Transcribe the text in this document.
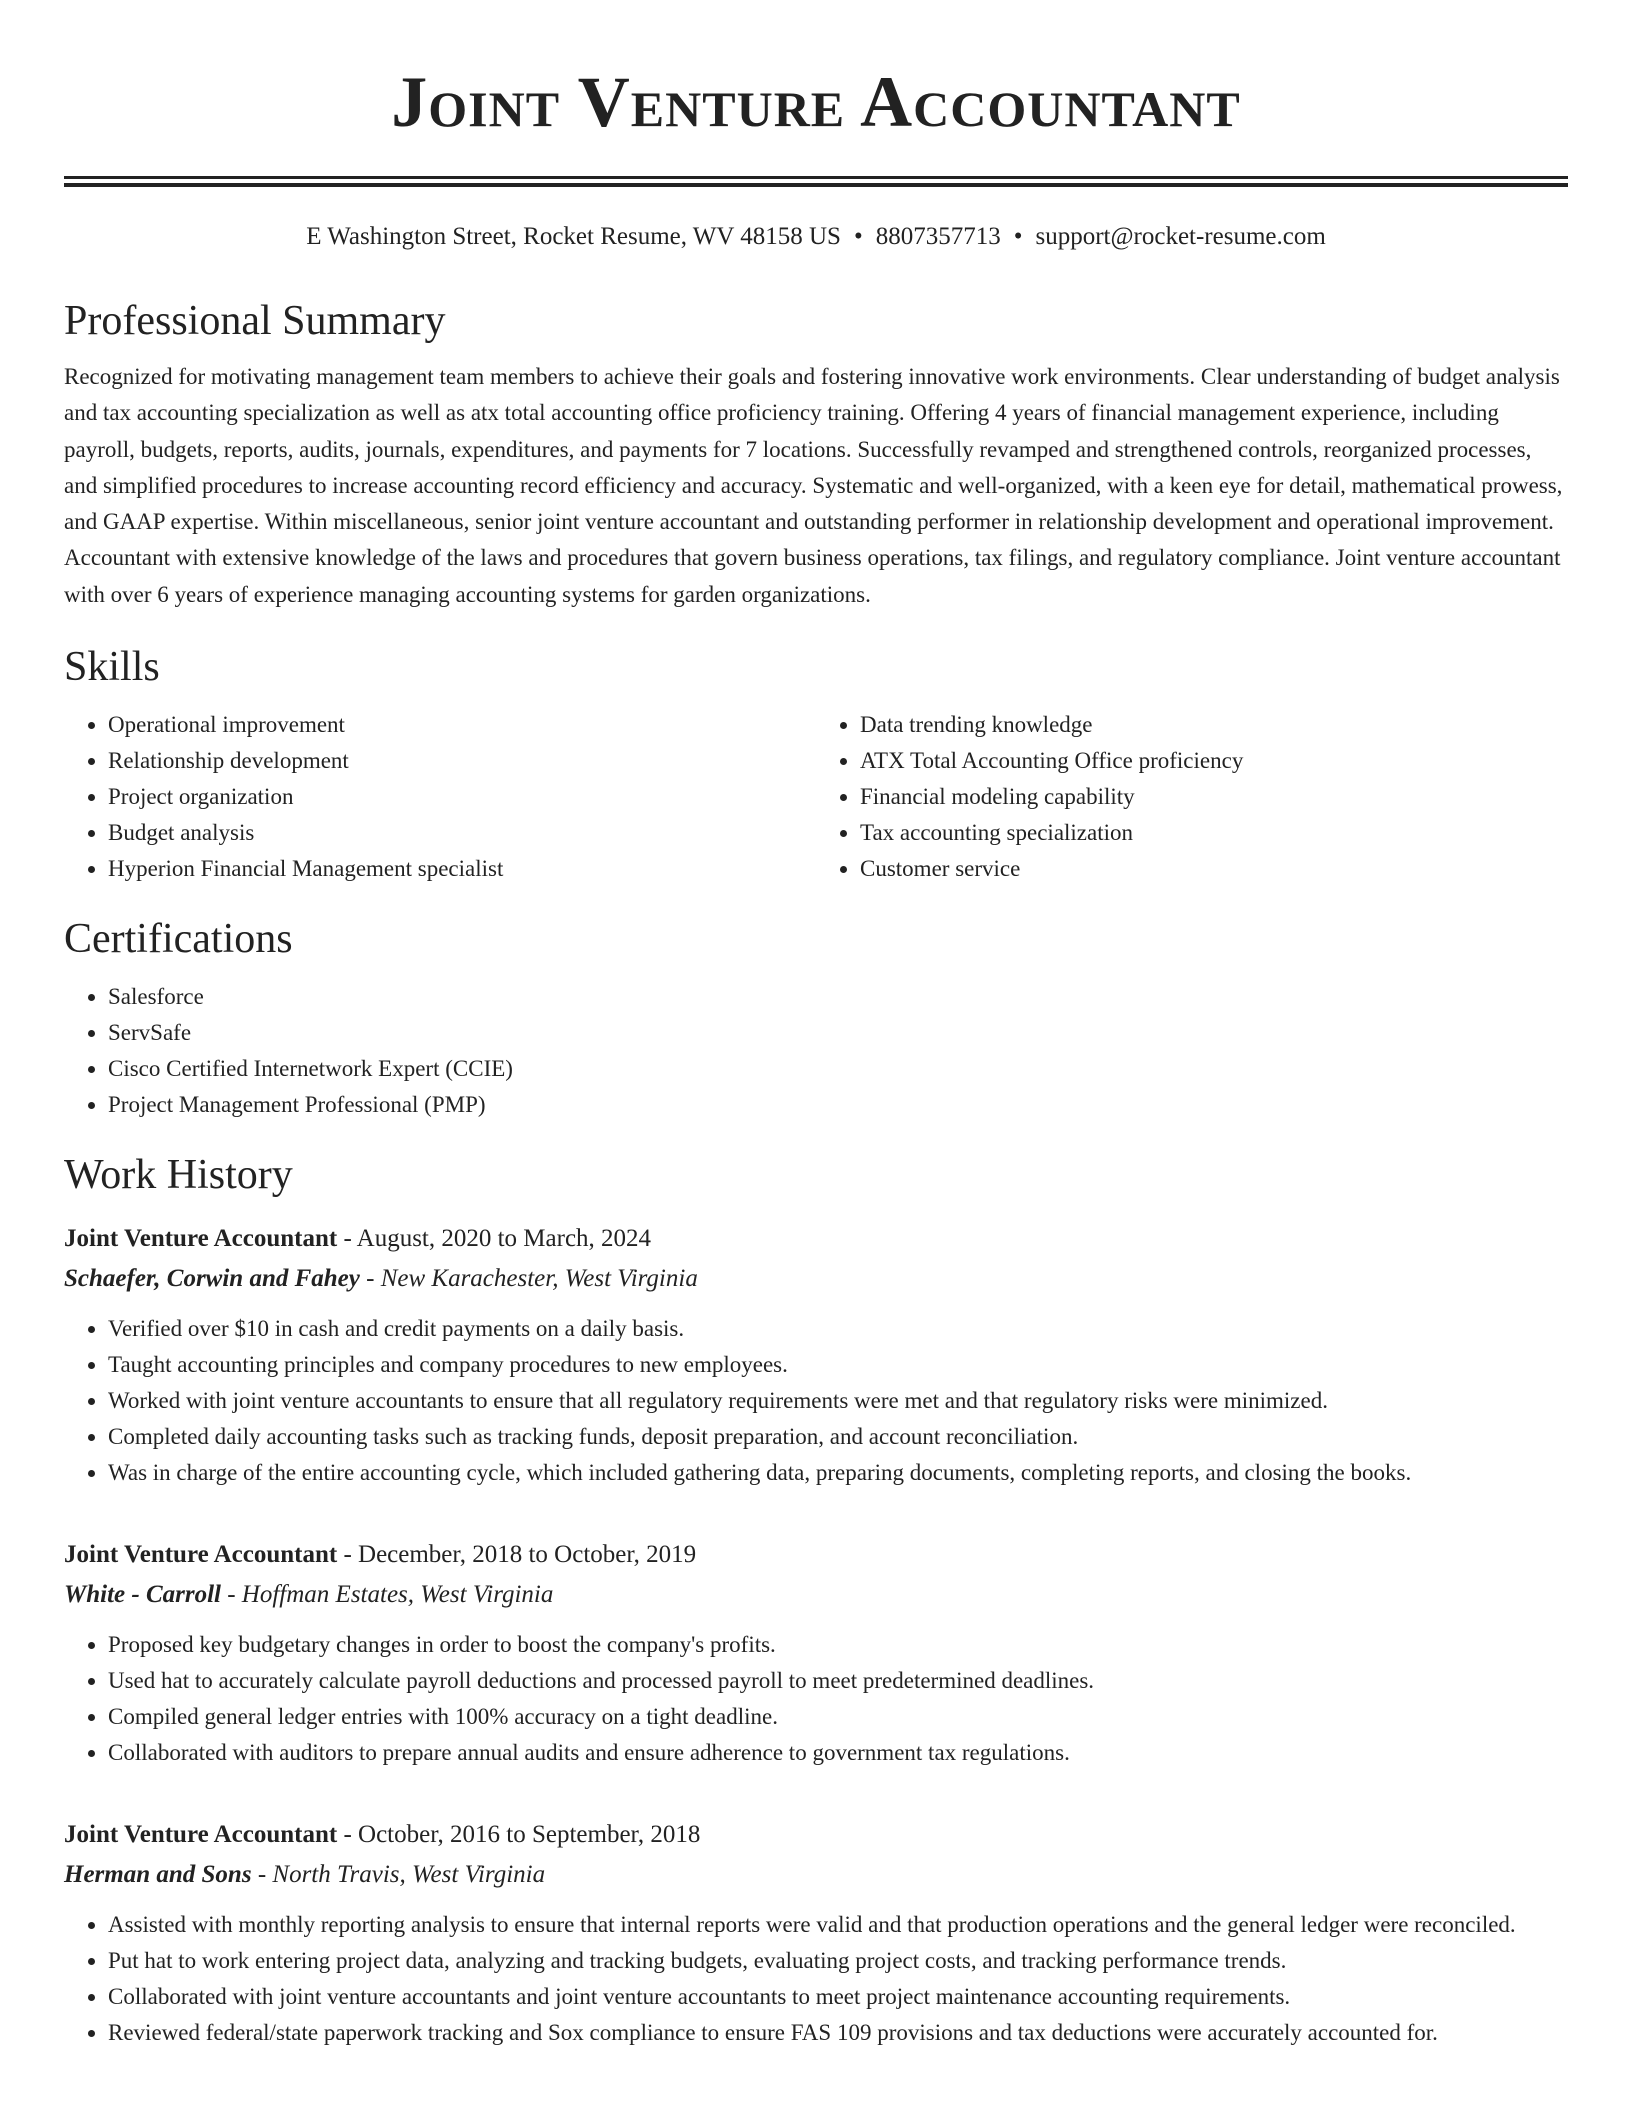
Joint Venture Accountant
E Washington Street, Rocket Resume, WV 48158 US • 8807357713 • support@rocket-resume.com
Professional Summary

Recognized for motivating management team members to achieve their goals and fostering innovative work environments. Clear understanding of budget analysis and tax accounting specialization as well as atx total accounting office proficiency training. Offering 4 years of financial management experience, including payroll, budgets, reports, audits, journals, expenditures, and payments for 7 locations. Successfully revamped and strengthened controls, reorganized processes, and simplified procedures to increase accounting record efficiency and accuracy. Systematic and well-organized, with a keen eye for detail, mathematical prowess, and GAAP expertise. Within miscellaneous, senior joint venture accountant and outstanding performer in relationship development and operational improvement. Accountant with extensive knowledge of the laws and procedures that govern business operations, tax filings, and regulatory compliance. Joint venture accountant with over 6 years of experience managing accounting systems for garden organizations.

Skills
• Operational improvement
• Relationship development
• Project organization
• Budget analysis
• Hyperion Financial Management specialist
• Data trending knowledge
• ATX Total Accounting Office proficiency
• Financial modeling capability
• Tax accounting specialization
• Customer service
Certifications
• Salesforce
• ServSafe
• Cisco Certified Internetwork Expert (CCIE)
• Project Management Professional (PMP)
Work History
Joint Venture Accountant - August, 2020 to March, 2024
Schaefer, Corwin and Fahey - New Karachester, West Virginia
• Verified over $10 in cash and credit payments on a daily basis.
• Taught accounting principles and company procedures to new employees.
• Worked with joint venture accountants to ensure that all regulatory requirements were met and that regulatory risks were minimized.
• Completed daily accounting tasks such as tracking funds, deposit preparation, and account reconciliation.
• Was in charge of the entire accounting cycle, which included gathering data, preparing documents, completing reports, and closing the books.
Joint Venture Accountant - December, 2018 to October, 2019
White - Carroll - Hoffman Estates, West Virginia
• Proposed key budgetary changes in order to boost the company's profits.
• Used hat to accurately calculate payroll deductions and processed payroll to meet predetermined deadlines.
• Compiled general ledger entries with 100% accuracy on a tight deadline.
• Collaborated with auditors to prepare annual audits and ensure adherence to government tax regulations.
Joint Venture Accountant - October, 2016 to September, 2018
Herman and Sons - North Travis, West Virginia
• Assisted with monthly reporting analysis to ensure that internal reports were valid and that production operations and the general ledger were reconciled.
• Put hat to work entering project data, analyzing and tracking budgets, evaluating project costs, and tracking performance trends.
• Collaborated with joint venture accountants and joint venture accountants to meet project maintenance accounting requirements.
• Reviewed federal/state paperwork tracking and Sox compliance to ensure FAS 109 provisions and tax deductions were accurately accounted for.
